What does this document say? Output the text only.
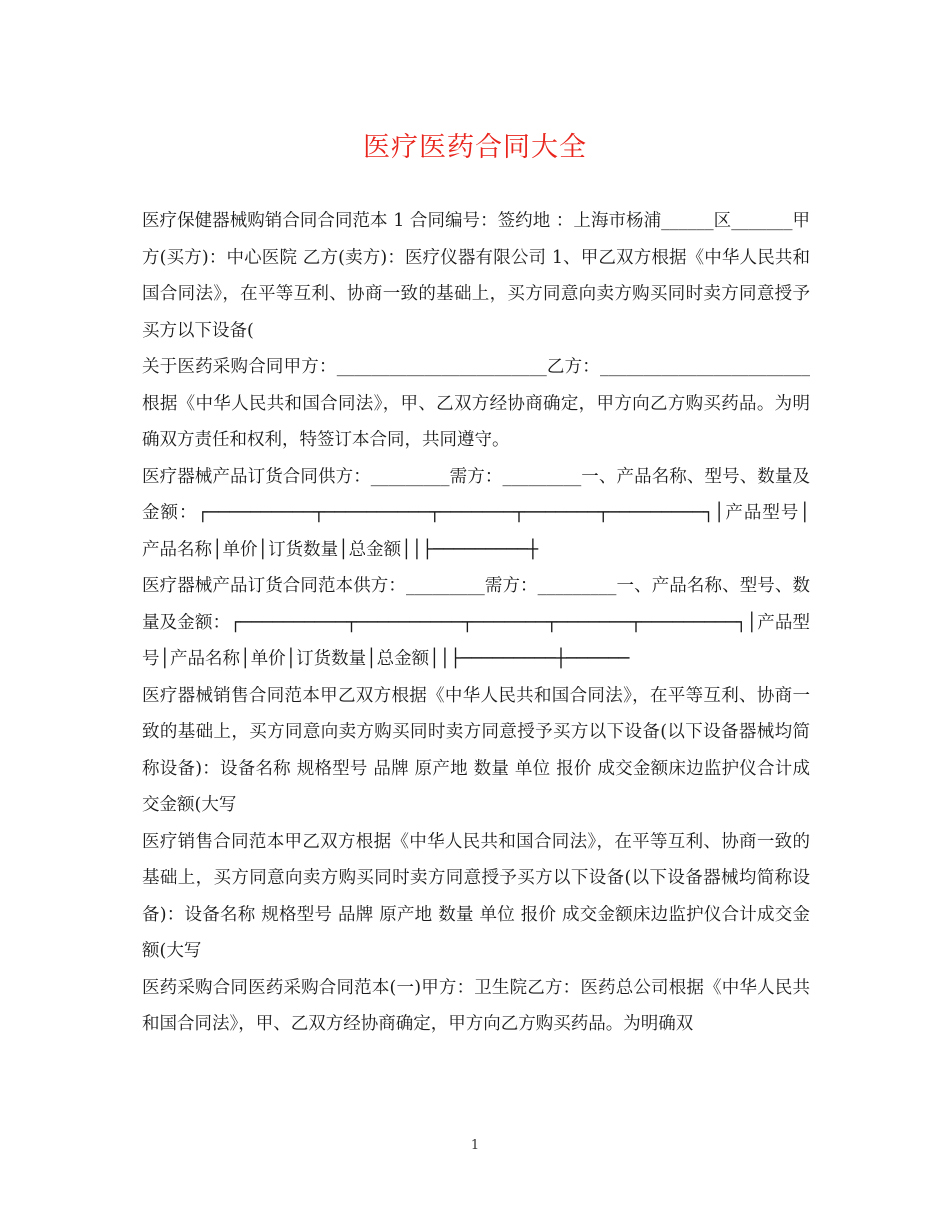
医疗医药合同大全

医疗保健器械购销合同合同范本 1 合同编号：签约地 ：上海市杨浦______区_______甲方(买方)：中心医院 乙方(卖方)：医疗仪器有限公司 1、甲乙双方根据《中华人民共和国合同法》，在平等互利、协商一致的基础上，买方同意向卖方购买同时卖方同意授予买方以下设备(

关于医药采购合同甲方：________________________乙方：________________________根据《中华人民共和国合同法》，甲、乙双方经协商确定，甲方向乙方购买药品。为明确双方责任和权利，特签订本合同，共同遵守。

医疗器械产品订货合同供方：_________需方：_________一、产品名称、型号、数量及金额：┌──────────┬──────────┬───────┬───────┬─────────┐│产品型号│产品名称│单价│订货数量│总金额││├─────────┼

医疗器械产品订货合同范本供方：_________需方：_________一、产品名称、型号、数量及金额：┌──────────┬──────────┬───────┬───────┬─────────┐│产品型号│产品名称│单价│订货数量│总金额││├─────────┼──────

医疗器械销售合同范本甲乙双方根据《中华人民共和国合同法》，在平等互利、协商一致的基础上，买方同意向卖方购买同时卖方同意授予买方以下设备(以下设备器械均简称设备)：设备名称 规格型号 品牌 原产地 数量 单位 报价 成交金额床边监护仪合计成交金额(大写

医疗销售合同范本甲乙双方根据《中华人民共和国合同法》，在平等互利、协商一致的基础上，买方同意向卖方购买同时卖方同意授予买方以下设备(以下设备器械均简称设备)：设备名称 规格型号 品牌 原产地 数量 单位 报价 成交金额床边监护仪合计成交金额(大写

医药采购合同医药采购合同范本(一)甲方：卫生院乙方：医药总公司根据《中华人民共和国合同法》，甲、乙双方经协商确定，甲方向乙方购买药品。为明确双

1
